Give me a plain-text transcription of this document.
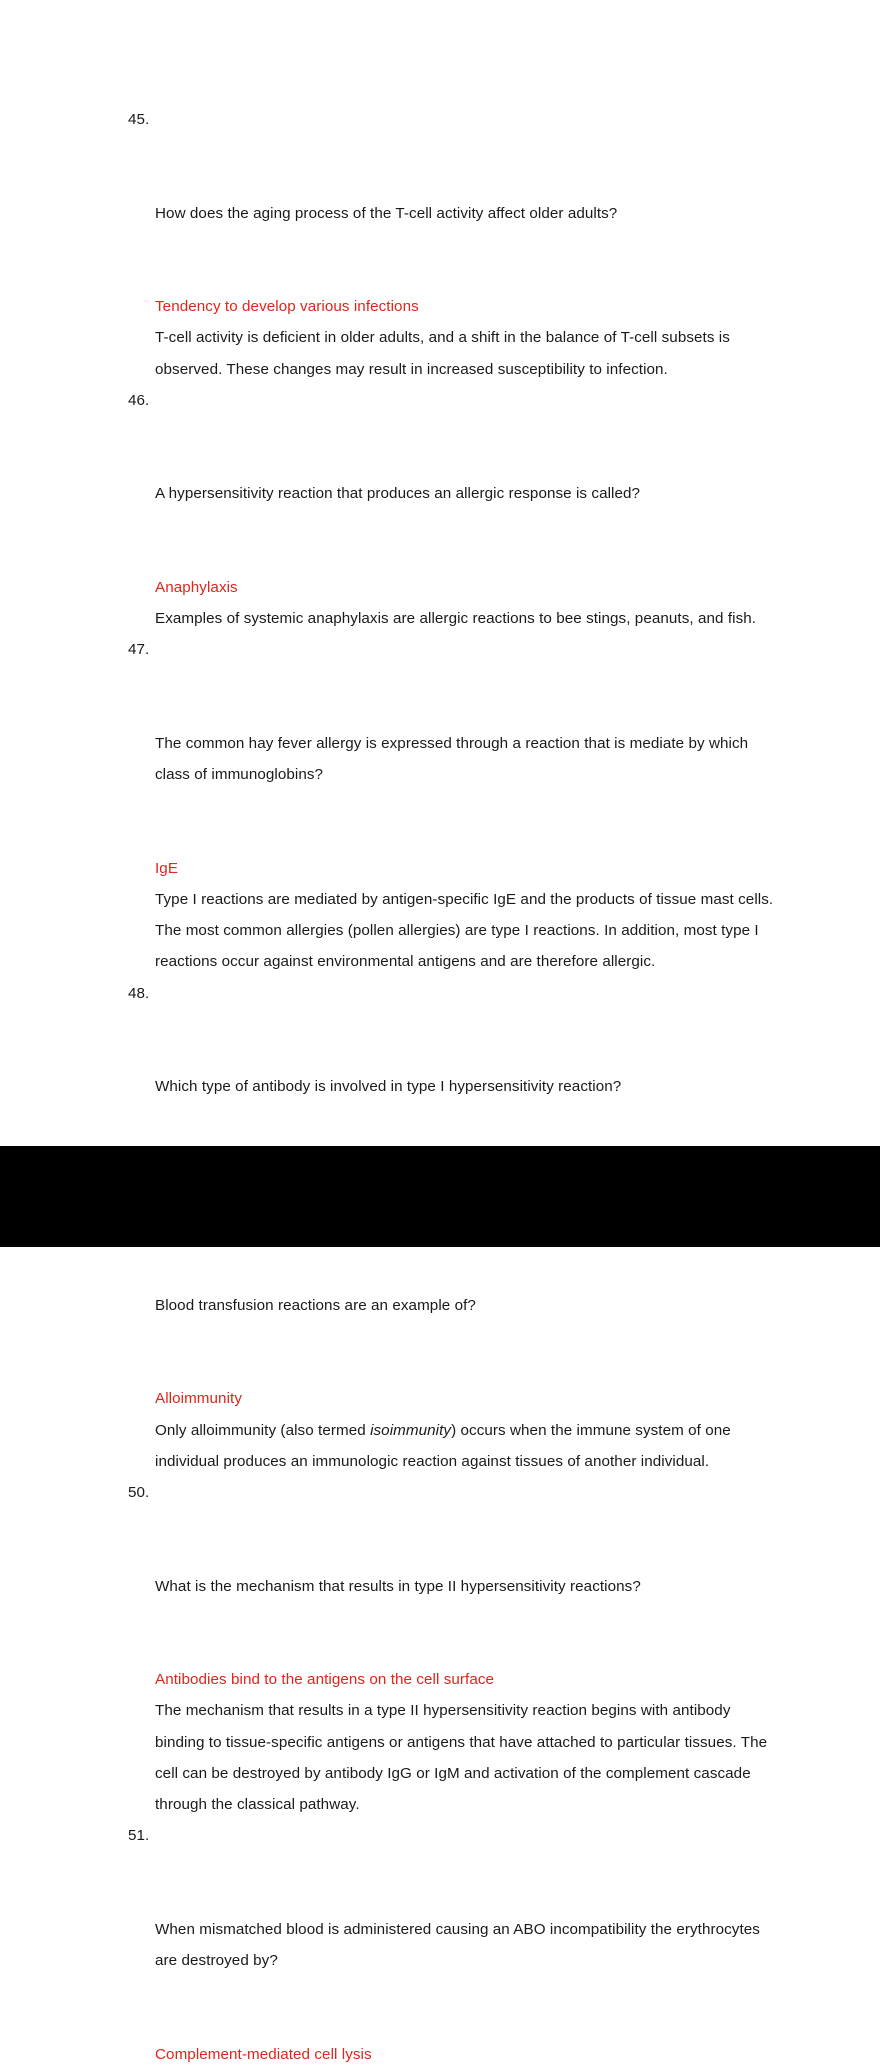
45.

How does the aging process of the T-cell activity affect older adults?

Tendency to develop various infections
T-cell activity is deficient in older adults, and a shift in the balance of T-cell subsets is observed. These changes may result in increased susceptibility to infection.

46.

A hypersensitivity reaction that produces an allergic response is called?

Anaphylaxis
Examples of systemic anaphylaxis are allergic reactions to bee stings, peanuts, and fish.

47.

The common hay fever allergy is expressed through a reaction that is mediate by which class of immunoglobins?

IgE
Type I reactions are mediated by antigen-specific IgE and the products of tissue mast cells. The most common allergies (pollen allergies) are type I reactions. In addition, most type I reactions occur against environmental antigens and are therefore allergic.

48.

Which type of antibody is involved in type I hypersensitivity reaction?

Blood transfusion reactions are an example of?

Alloimmunity
Only alloimmunity (also termed isoimmunity) occurs when the immune system of one individual produces an immunologic reaction against tissues of another individual.

50.

What is the mechanism that results in type II hypersensitivity reactions?

Antibodies bind to the antigens on the cell surface
The mechanism that results in a type II hypersensitivity reaction begins with antibody binding to tissue-specific antigens or antigens that have attached to particular tissues. The cell can be destroyed by antibody IgG or IgM and activation of the complement cascade through the classical pathway.

51.

When mismatched blood is administered causing an ABO incompatibility the erythrocytes are destroyed by?

Complement-mediated cell lysis
